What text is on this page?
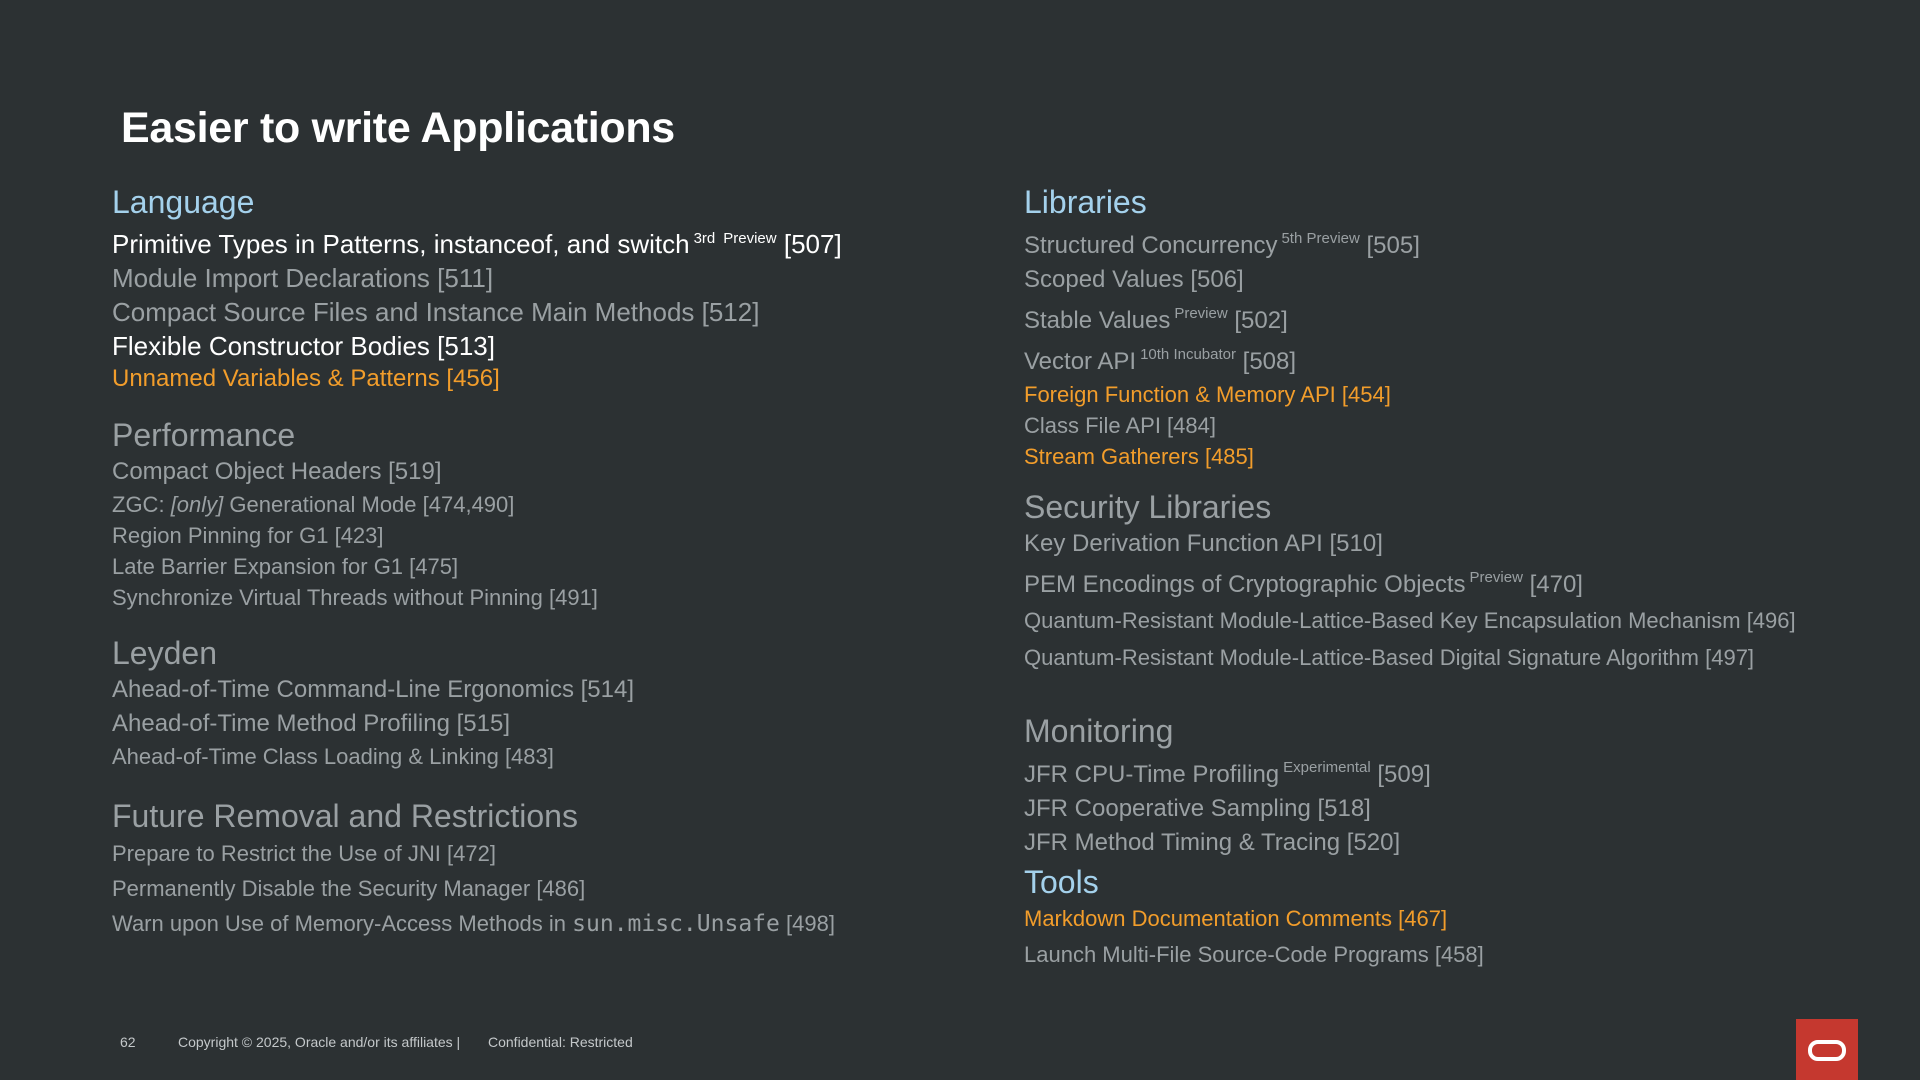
Easier to write Applications
Language
Primitive Types in Patterns, instanceof, and switch $^{3rd}$ $^{Preview}$ [507]
Module Import Declarations [511]
Compact Source Files and Instance Main Methods [512]
Flexible Constructor Bodies [513]
Unnamed Variables & Patterns [456]
Performance
Compact Object Headers [519]
ZGC: [only] Generational Mode [474,490]
Region Pinning for G1 [423]
Late Barrier Expansion for G1 [475]
Synchronize Virtual Threads without Pinning [491]
Leyden
Ahead-of-Time Command-Line Ergonomics [514]
Ahead-of-Time Method Profiling [515]
Ahead-of-Time Class Loading & Linking [483]
Future Removal and Restrictions
Prepare to Restrict the Use of JNI [472]
Permanently Disable the Security Manager [486]
Warn upon Use of Memory-Access Methods in sun.misc.Unsafe [498]
Libraries
Structured Concurrency $^{5th Preview}$ [505]
Scoped Values [506]
Stable Values $^{Preview}$ [502]
Vector API $^{10th Incubator}$ [508]
Foreign Function & Memory API [454]
Class File API [484]
Stream Gatherers [485]
Security Libraries
Key Derivation Function API [510]
PEM Encodings of Cryptographic Objects $^{Preview}$ [470]
Quantum-Resistant Module-Lattice-Based Key Encapsulation Mechanism [496]
Quantum-Resistant Module-Lattice-Based Digital Signature Algorithm [497]
Monitoring
JFR CPU-Time Profiling $^{Experimental}$ [509]
JFR Cooperative Sampling [518]
JFR Method Timing & Tracing [520]
Tools
Markdown Documentation Comments [467]
Launch Multi-File Source-Code Programs [458]
62	Copyright © 2025, Oracle and/or its affiliates | Confidential: Restricted
